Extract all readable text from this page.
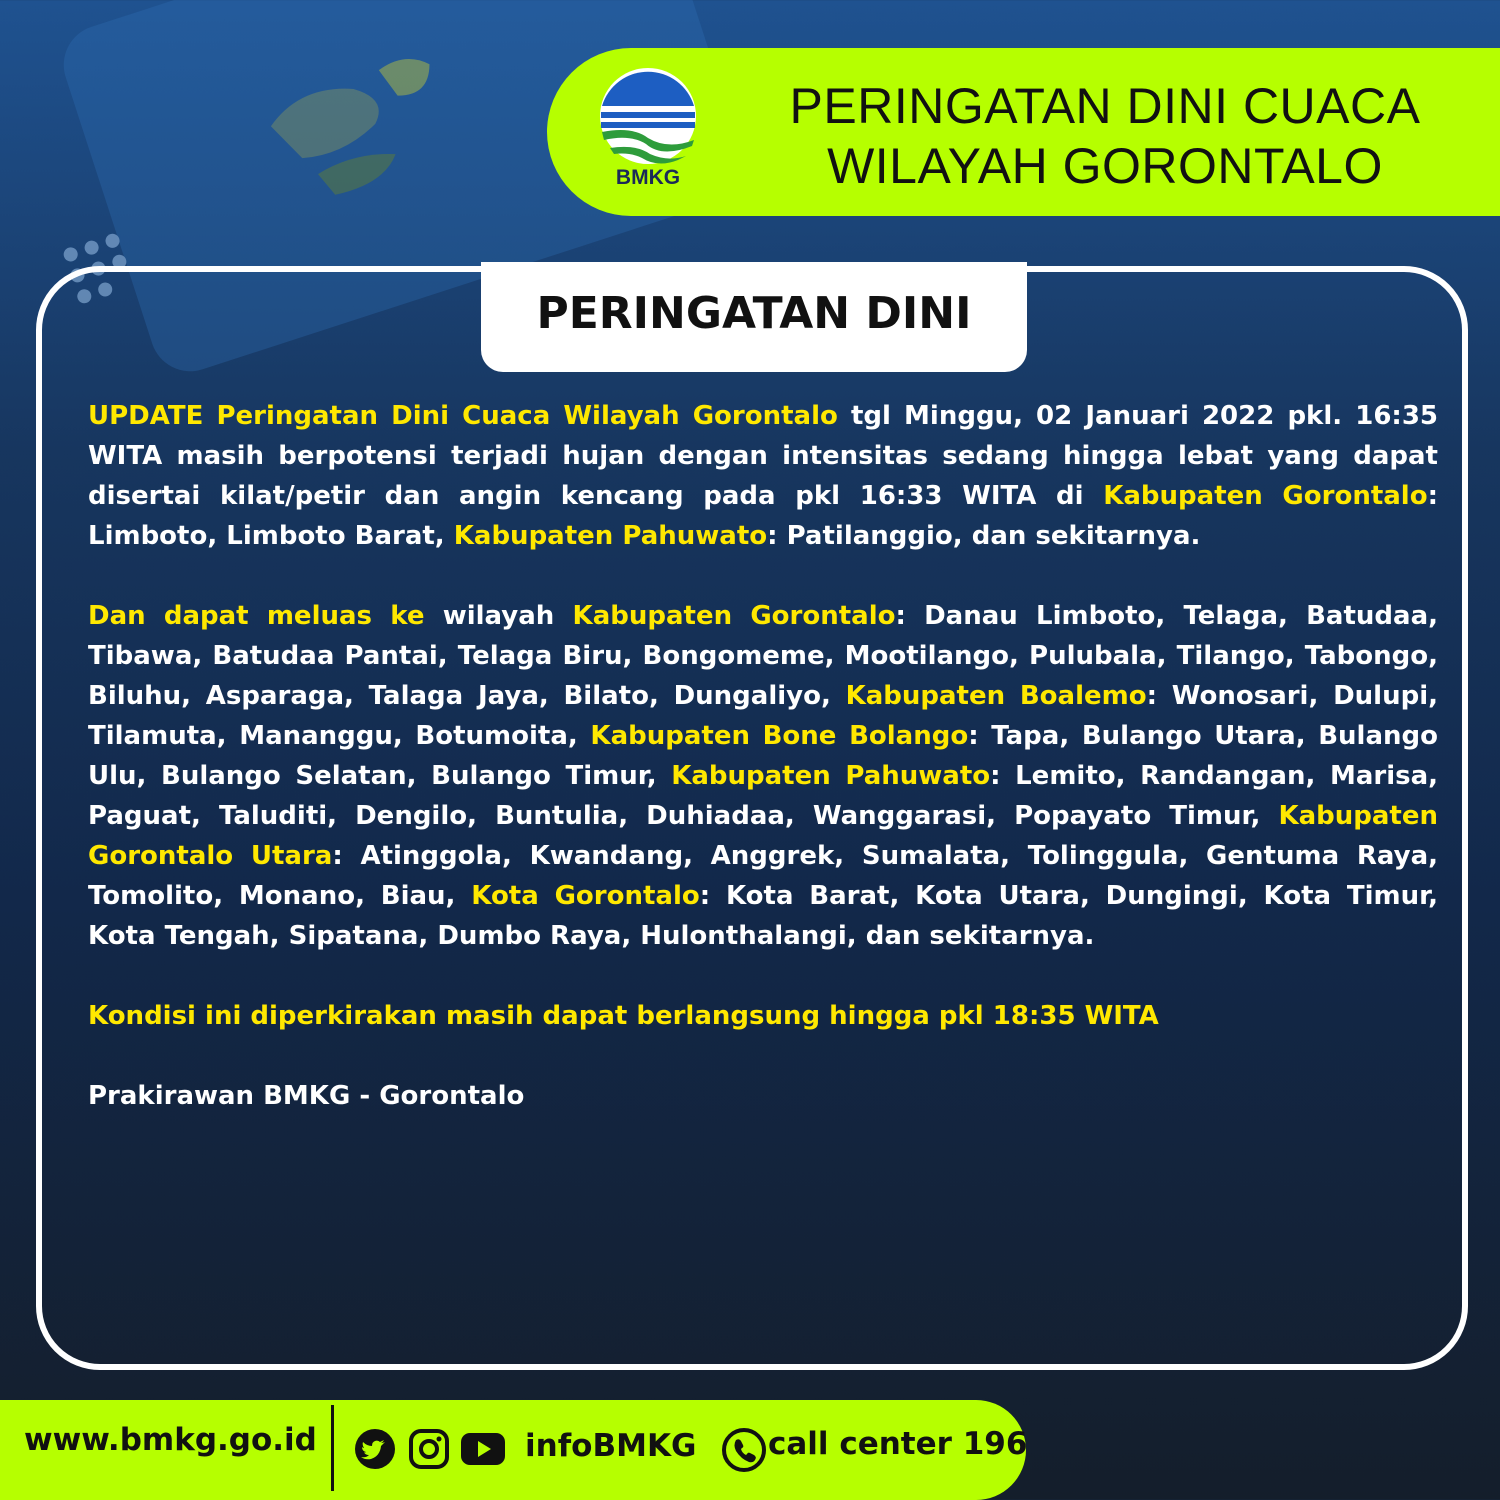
BMKG
PERINGATAN DINI CUACA
WILAYAH GORONTALO
PERINGATAN DINI

UPDATE Peringatan Dini Cuaca Wilayah Gorontalo tgl Minggu, 02 Januari 2022 pkl. 16:35 WITA masih berpotensi terjadi hujan dengan intensitas sedang hingga lebat yang dapat disertai kilat/petir dan angin kencang pada pkl 16:33 WITA di Kabupaten Gorontalo: Limboto, Limboto Barat, Kabupaten Pahuwato: Patilanggio, dan sekitarnya.

Dan dapat meluas ke wilayah Kabupaten Gorontalo: Danau Limboto, Telaga, Batudaa, Tibawa, Batudaa Pantai, Telaga Biru, Bongomeme, Mootilango, Pulubala, Tilango, Tabongo, Biluhu, Asparaga, Talaga Jaya, Bilato, Dungaliyo, Kabupaten Boalemo: Wonosari, Dulupi, Tilamuta, Mananggu, Botumoita, Kabupaten Bone Bolango: Tapa, Bulango Utara, Bulango Ulu, Bulango Selatan, Bulango Timur, Kabupaten Pahuwato: Lemito, Randangan, Marisa, Paguat, Taluditi, Dengilo, Buntulia, Duhiadaa, Wanggarasi, Popayato Timur, Kabupaten Gorontalo Utara: Atinggola, Kwandang, Anggrek, Sumalata, Tolinggula, Gentuma Raya, Tomolito, Monano, Biau, Kota Gorontalo: Kota Barat, Kota Utara, Dungingi, Kota Timur, Kota Tengah, Sipatana, Dumbo Raya, Hulonthalangi, dan sekitarnya.

Kondisi ini diperkirakan masih dapat berlangsung hingga pkl 18:35 WITA

Prakirawan BMKG - Gorontalo

www.bmkg.go.id	infoBMKG call center 196
